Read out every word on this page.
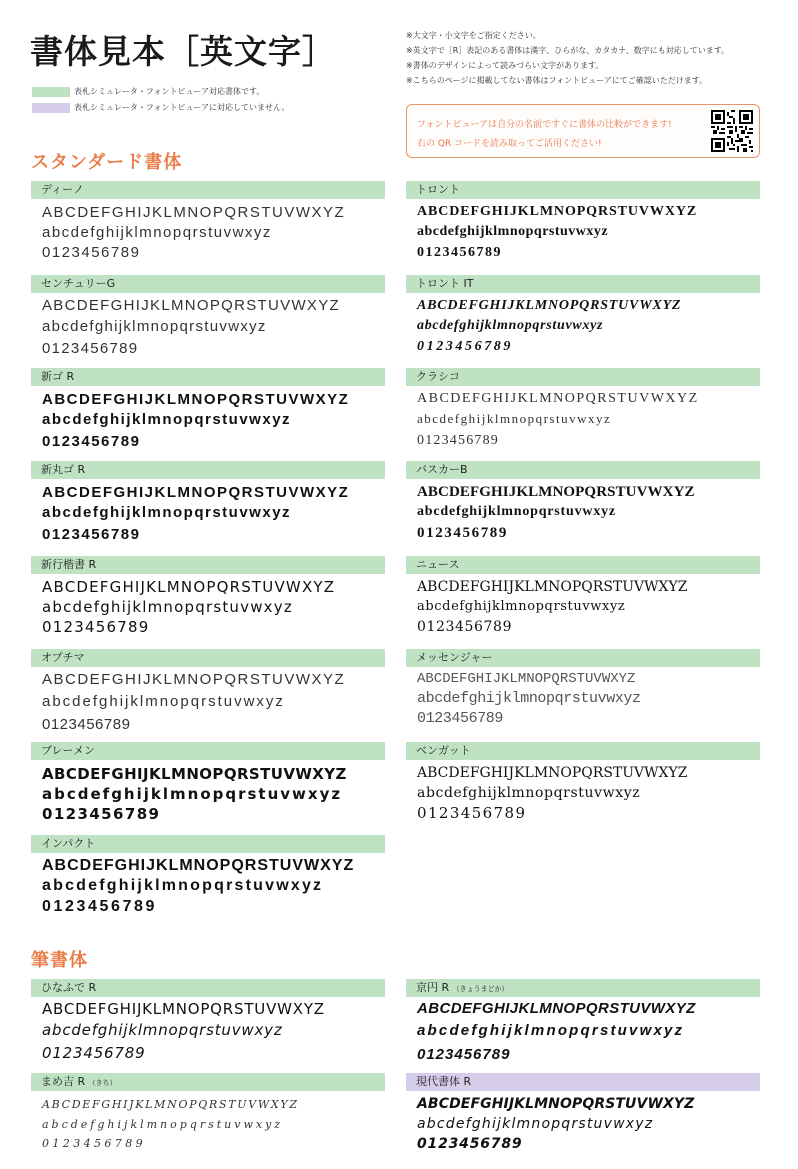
書体見本［英文字］
表札シミュレータ・フォントビューア対応書体です。
表札シミュレータ・フォントビューアに対応していません。
※大文字・小文字をご指定ください。
※英文字で［R］表記のある書体は漢字、ひらがな、カタカナ、数字にも対応しています。
※書体のデザインによって読みづらい文字があります。
※こちらのページに掲載してない書体はフォントビューアにてご確認いただけます。
フォントビューアは自分の名前ですぐに書体の比較ができます!
右の QR コードを読み取ってご活用ください!
スタンダード書体
ディーノ
ABCDEFGHIJKLMNOPQRSTUVWXYZ
abcdefghijklmnopqrstuvwxyz
0123456789
センチュリーG
ABCDEFGHIJKLMNOPQRSTUVWXYZ
abcdefghijklmnopqrstuvwxyz
0123456789
新ゴ R
ABCDEFGHIJKLMNOPQRSTUVWXYZ
abcdefghijklmnopqrstuvwxyz
0123456789
新丸ゴ R
ABCDEFGHIJKLMNOPQRSTUVWXYZ
abcdefghijklmnopqrstuvwxyz
0123456789
新行楷書 R
ABCDEFGHIJKLMNOPQRSTUVWXYZ
abcdefghijklmnopqrstuvwxyz
0123456789
オプチマ
ABCDEFGHIJKLMNOPQRSTUVWXYZ
abcdefghijklmnopqrstuvwxyz
0123456789
ブレーメン
ABCDEFGHIJKLMNOPQRSTUVWXYZ
abcdefghijklmnopqrstuvwxyz
0123456789
インパクト
ABCDEFGHIJKLMNOPQRSTUVWXYZ
abcdefghijklmnopqrstuvwxyz
0123456789
トロント
ABCDEFGHIJKLMNOPQRSTUVWXYZ
abcdefghijklmnopqrstuvwxyz
0123456789
トロント IT
ABCDEFGHIJKLMNOPQRSTUVWXYZ
abcdefghijklmnopqrstuvwxyz
0123456789
クラシコ
ABCDEFGHIJKLMNOPQRSTUVWXYZ
abcdefghijklmnopqrstuvwxyz
0123456789
バスカーB
ABCDEFGHIJKLMNOPQRSTUVWXYZ
abcdefghijklmnopqrstuvwxyz
0123456789
ニュース
ABCDEFGHIJKLMNOPQRSTUVWXYZ
abcdefghijklmnopqrstuvwxyz
0123456789
メッセンジャー
ABCDEFGHIJKLMNOPQRSTUVWXYZ
abcdefghijklmnopqrstuvwxyz
0123456789
ベンガット
ABCDEFGHIJKLMNOPQRSTUVWXYZ
abcdefghijklmnopqrstuvwxyz
0123456789
筆書体
ひなふで R
ABCDEFGHIJKLMNOPQRSTUVWXYZ
abcdefghijklmnopqrstuvwxyz
0123456789
京円 R （きょうまどか）
ABCDEFGHIJKLMNOPQRSTUVWXYZ
abcdefghijklmnopqrstuvwxyz
0123456789
まめ吉 R （きち）
ABCDEFGHIJKLMNOPQRSTUVWXYZ
abcdefghijklmnopqrstuvwxyz
0123456789
現代書体 R
ABCDEFGHIJKLMNOPQRSTUVWXYZ
abcdefghijklmnopqrstuvwxyz
0123456789
